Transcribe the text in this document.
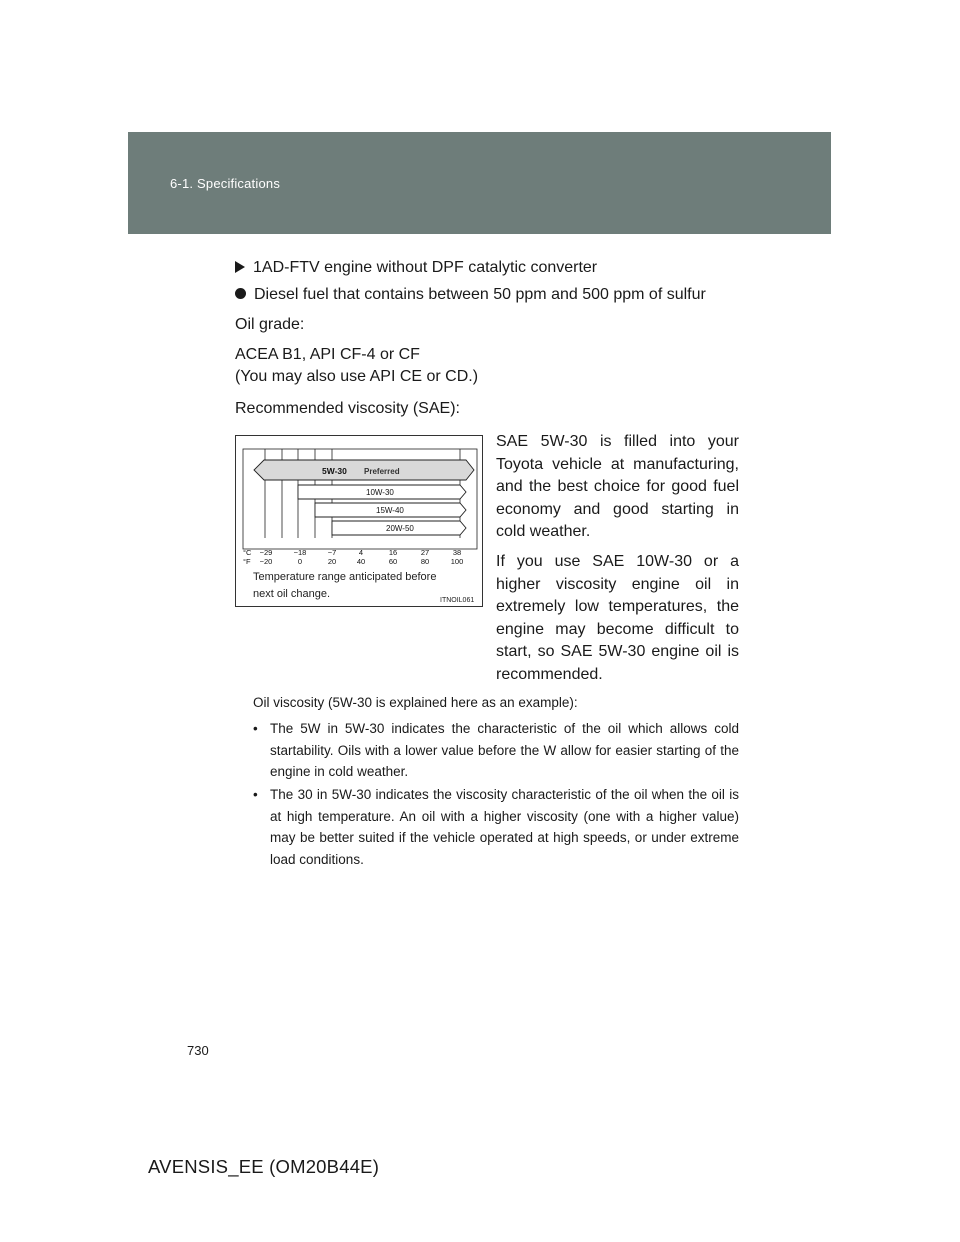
6-1. Specifications
1AD-FTV engine without DPF catalytic converter
Diesel fuel that contains between 50 ppm and 500 ppm of sulfur
Oil grade:
ACEA B1, API CF-4 or CF
(You may also use API CE or CD.)
Recommended viscosity (SAE):
5W-30 Preferred
10W-30
15W-40
20W-50
°C
°F
−29	−18	−7	4	16	27	38
−20	0	20	40	60	80	100
Temperature range anticipated before
next oil change.
ITNOIL061
SAE 5W-30 is filled into your Toyota vehicle at manufacturing, and the best choice for good fuel economy and good starting in cold weather.
If you use SAE 10W-30 or a higher viscosity engine oil in extremely low temperatures, the engine may become difficult to start, so SAE 5W-30 engine oil is recommended.
Oil viscosity (5W-30 is explained here as an example):
• The 5W in 5W-30 indicates the characteristic of the oil which allows cold startability. Oils with a lower value before the W allow for easier starting of the engine in cold weather.
• The 30 in 5W-30 indicates the viscosity characteristic of the oil when the oil is at high temperature. An oil with a higher viscosity (one with a higher value) may be better suited if the vehicle operated at high speeds, or under extreme load conditions.
730
AVENSIS_EE (OM20B44E)
